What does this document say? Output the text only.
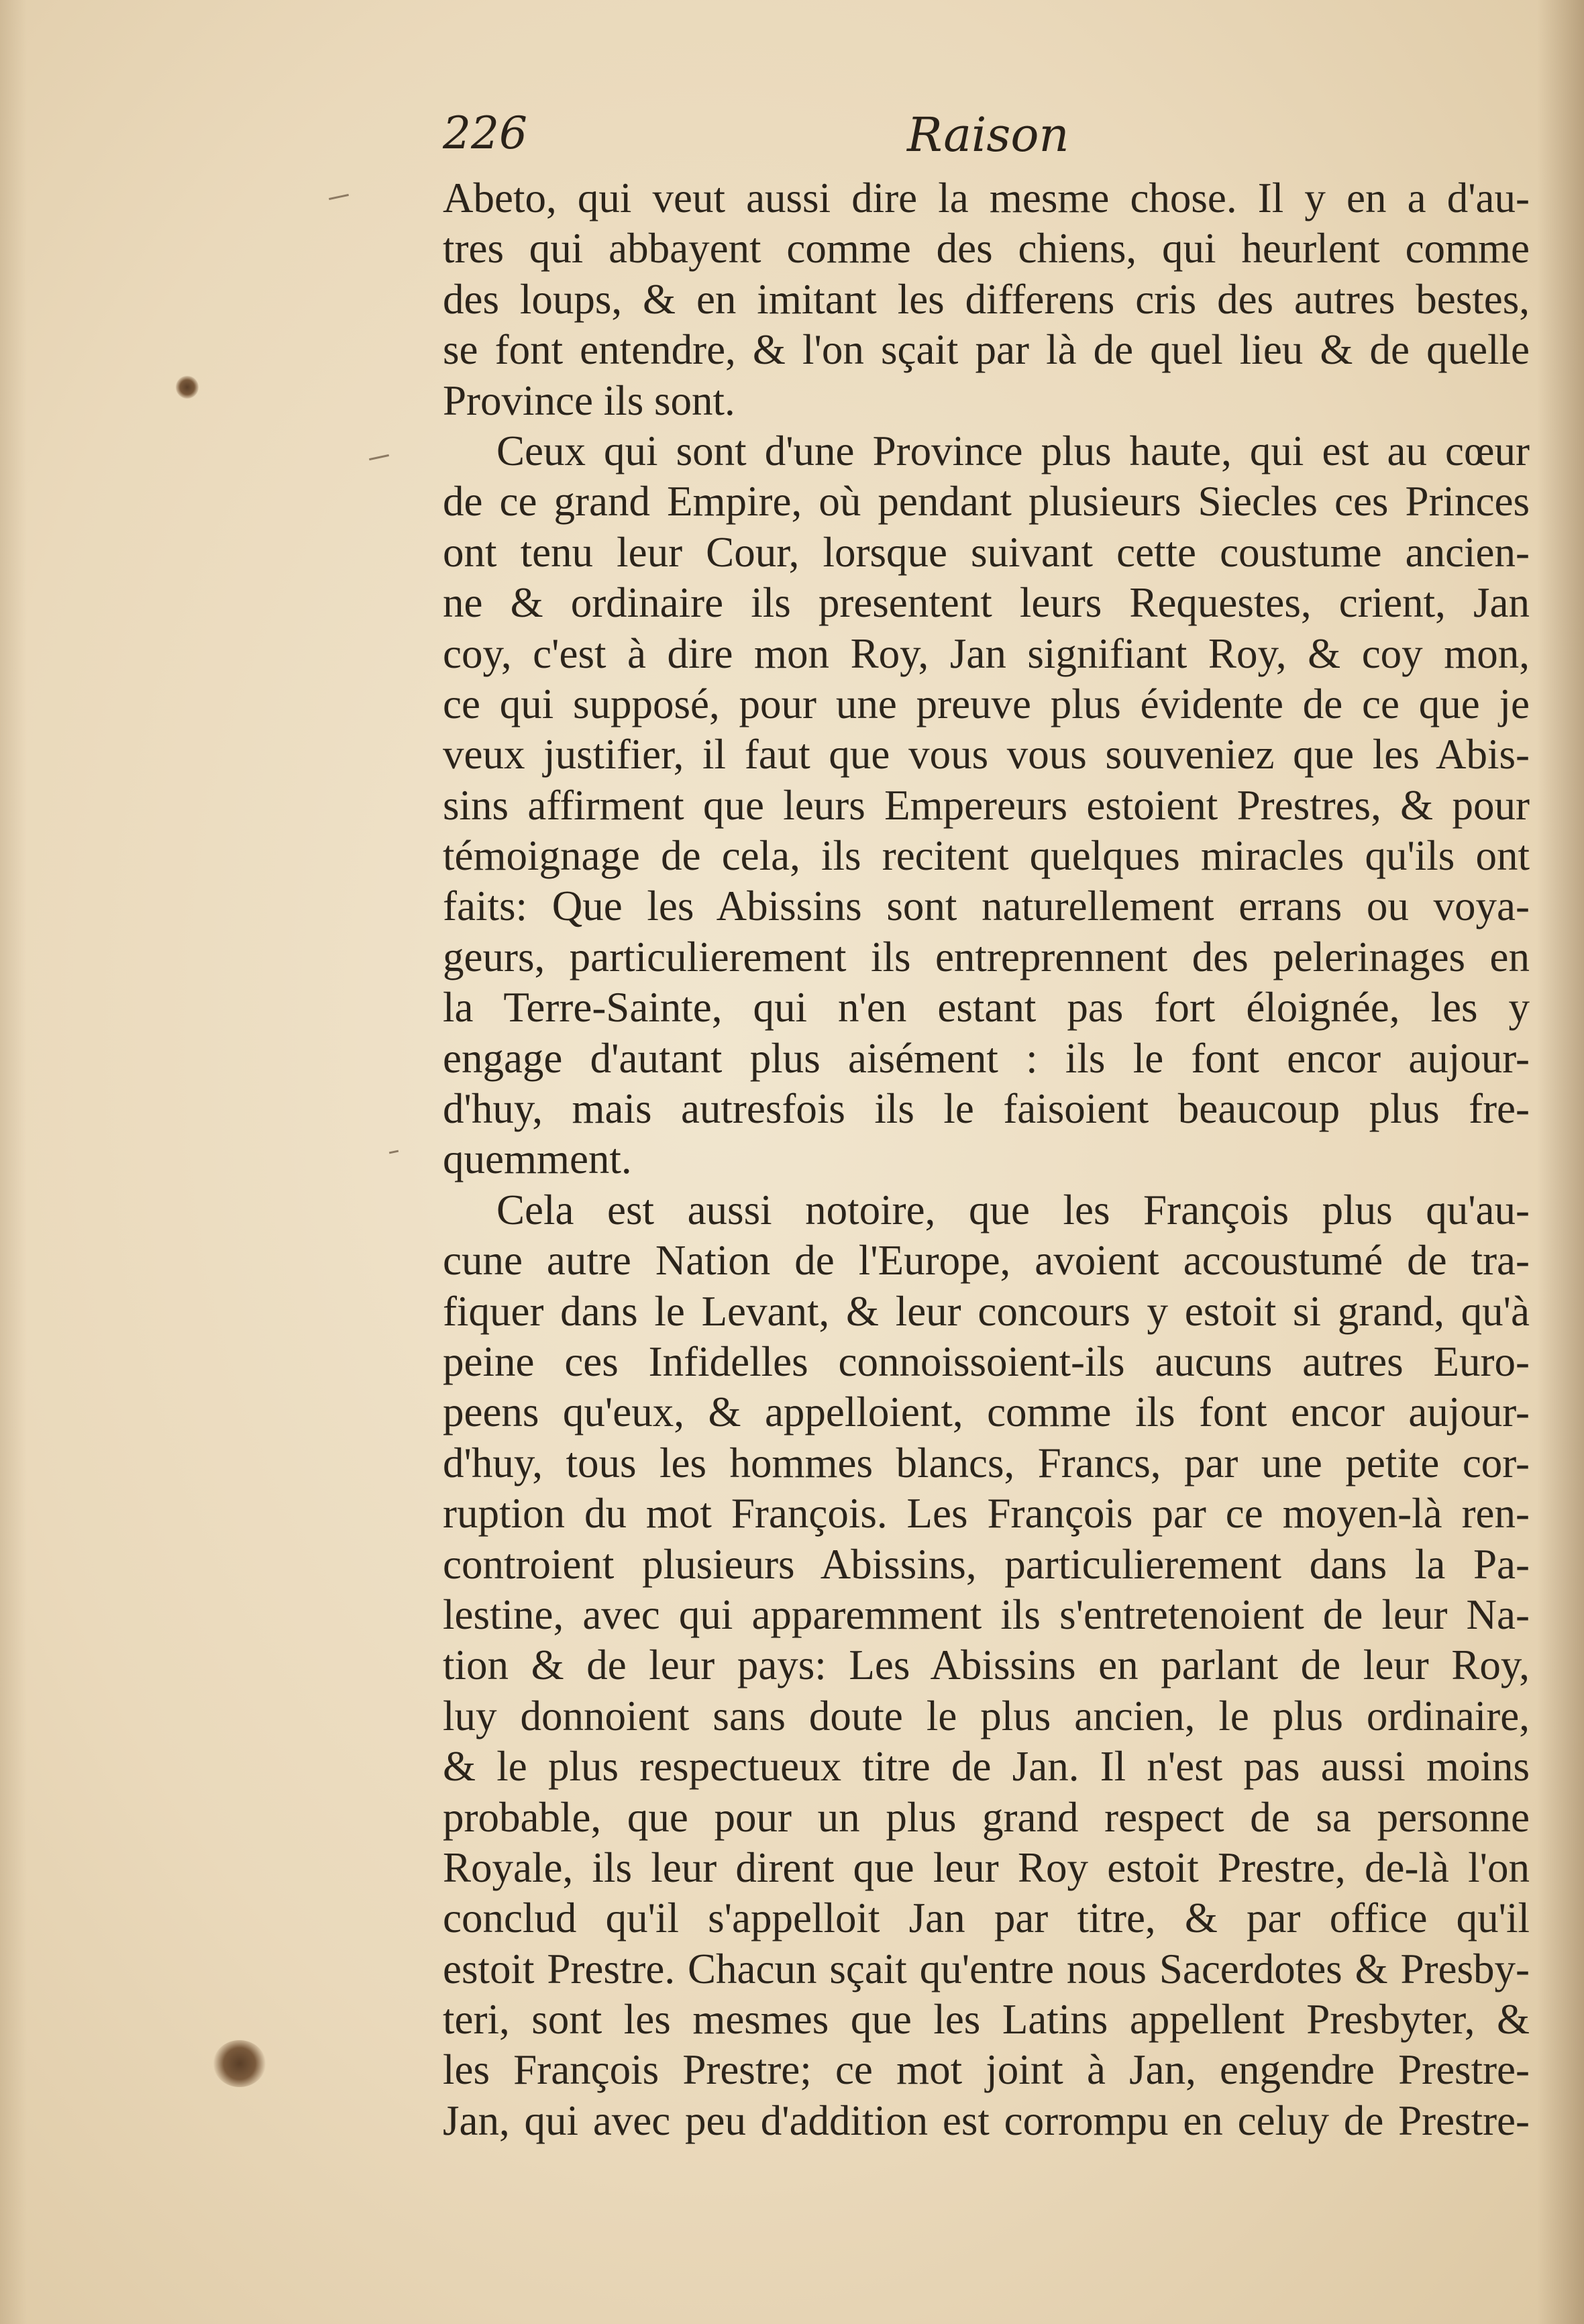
226	Raison
Abeto, qui veut aussi dire la mesme chose. Il y en a d'au-
tres qui abbayent comme des chiens, qui heurlent comme
des loups, & en imitant les differens cris des autres bestes,
se font entendre, & l'on sçait par là de quel lieu & de quelle
Province ils sont.
Ceux qui sont d'une Province plus haute, qui est au cœur
de ce grand Empire, où pendant plusieurs Siecles ces Princes
ont tenu leur Cour, lorsque suivant cette coustume ancien-
ne & ordinaire ils presentent leurs Requestes, crient, Jan
coy, c'est à dire mon Roy, Jan signifiant Roy, & coy mon,
ce qui supposé, pour une preuve plus évidente de ce que je
veux justifier, il faut que vous vous souveniez que les Abis-
sins affirment que leurs Empereurs estoient Prestres, & pour
témoignage de cela, ils recitent quelques miracles qu'ils ont
faits: Que les Abissins sont naturellement errans ou voya-
geurs, particulierement ils entreprennent des pelerinages en
la Terre-Sainte, qui n'en estant pas fort éloignée, les y
engage d'autant plus aisément : ils le font encor aujour-
d'huy, mais autresfois ils le faisoient beaucoup plus fre-
quemment.
Cela est aussi notoire, que les François plus qu'au-
cune autre Nation de l'Europe, avoient accoustumé de tra-
fiquer dans le Levant, & leur concours y estoit si grand, qu'à
peine ces Infidelles connoissoient-ils aucuns autres Euro-
peens qu'eux, & appelloient, comme ils font encor aujour-
d'huy, tous les hommes blancs, Francs, par une petite cor-
ruption du mot François. Les François par ce moyen-là ren-
controient plusieurs Abissins, particulierement dans la Pa-
lestine, avec qui apparemment ils s'entretenoient de leur Na-
tion & de leur pays: Les Abissins en parlant de leur Roy,
luy donnoient sans doute le plus ancien, le plus ordinaire,
& le plus respectueux titre de Jan. Il n'est pas aussi moins
probable, que pour un plus grand respect de sa personne
Royale, ils leur dirent que leur Roy estoit Prestre, de-là l'on
conclud qu'il s'appelloit Jan par titre, & par office qu'il
estoit Prestre. Chacun sçait qu'entre nous Sacerdotes & Presby-
teri, sont les mesmes que les Latins appellent Presbyter, &
les François Prestre; ce mot joint à Jan, engendre Prestre-
Jan, qui avec peu d'addition est corrompu en celuy de Prestre-
